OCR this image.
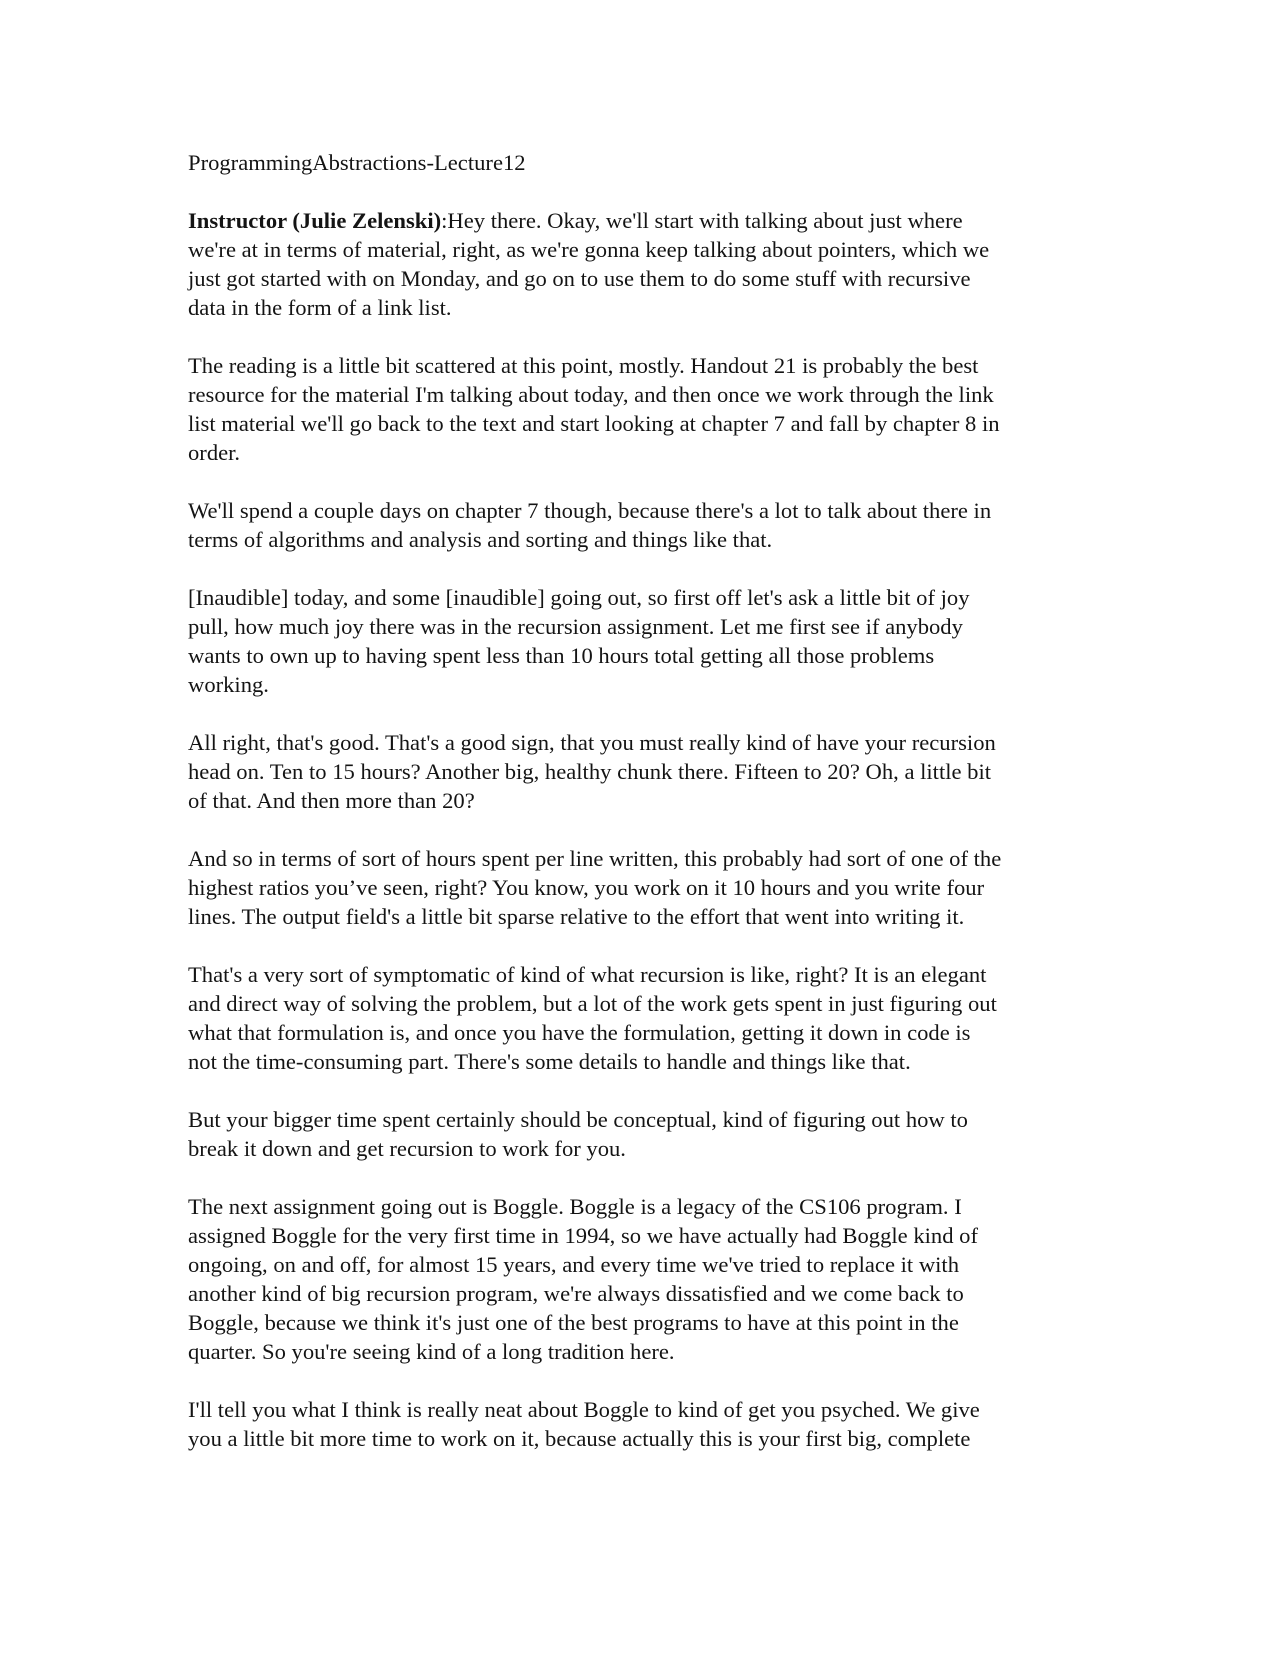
ProgrammingAbstractions-Lecture12
Instructor (Julie Zelenski):Hey there. Okay, we'll start with talking about just where
we're at in terms of material, right, as we're gonna keep talking about pointers, which we
just got started with on Monday, and go on to use them to do some stuff with recursive
data in the form of a link list.
The reading is a little bit scattered at this point, mostly. Handout 21 is probably the best
resource for the material I'm talking about today, and then once we work through the link
list material we'll go back to the text and start looking at chapter 7 and fall by chapter 8 in
order.
We'll spend a couple days on chapter 7 though, because there's a lot to talk about there in
terms of algorithms and analysis and sorting and things like that.
[Inaudible] today, and some [inaudible] going out, so first off let's ask a little bit of joy
pull, how much joy there was in the recursion assignment. Let me first see if anybody
wants to own up to having spent less than 10 hours total getting all those problems
working.
All right, that's good. That's a good sign, that you must really kind of have your recursion
head on. Ten to 15 hours? Another big, healthy chunk there. Fifteen to 20? Oh, a little bit
of that. And then more than 20?
And so in terms of sort of hours spent per line written, this probably had sort of one of the
highest ratios you’ve seen, right? You know, you work on it 10 hours and you write four
lines. The output field's a little bit sparse relative to the effort that went into writing it.
That's a very sort of symptomatic of kind of what recursion is like, right? It is an elegant
and direct way of solving the problem, but a lot of the work gets spent in just figuring out
what that formulation is, and once you have the formulation, getting it down in code is
not the time-consuming part. There's some details to handle and things like that.
But your bigger time spent certainly should be conceptual, kind of figuring out how to
break it down and get recursion to work for you.
The next assignment going out is Boggle. Boggle is a legacy of the CS106 program. I
assigned Boggle for the very first time in 1994, so we have actually had Boggle kind of
ongoing, on and off, for almost 15 years, and every time we've tried to replace it with
another kind of big recursion program, we're always dissatisfied and we come back to
Boggle, because we think it's just one of the best programs to have at this point in the
quarter. So you're seeing kind of a long tradition here.
I'll tell you what I think is really neat about Boggle to kind of get you psyched. We give
you a little bit more time to work on it, because actually this is your first big, complete
